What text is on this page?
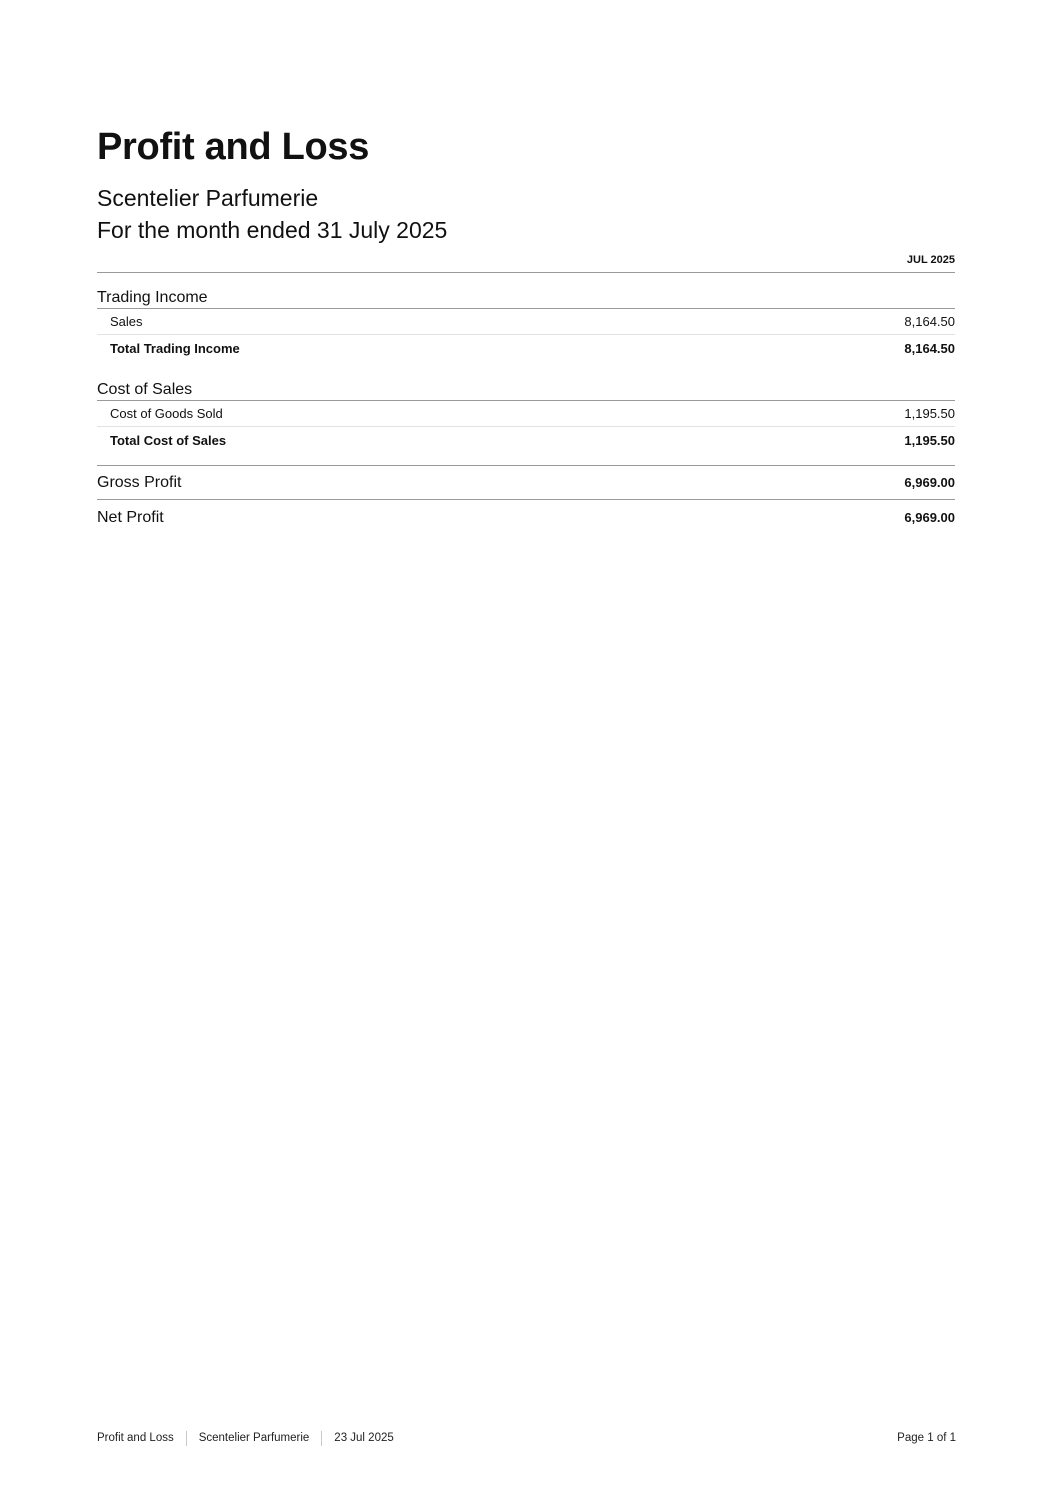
Profit and Loss
Scentelier Parfumerie
For the month ended 31 July 2025
JUL 2025
Trading Income
Sales	8,164.50
Total Trading Income	8,164.50
Cost of Sales
Cost of Goods Sold	1,195.50
Total Cost of Sales	1,195.50
Gross Profit	6,969.00
Net Profit	6,969.00
Profit and Loss Scentelier Parfumerie 23 Jul 2025	Page 1 of 1
